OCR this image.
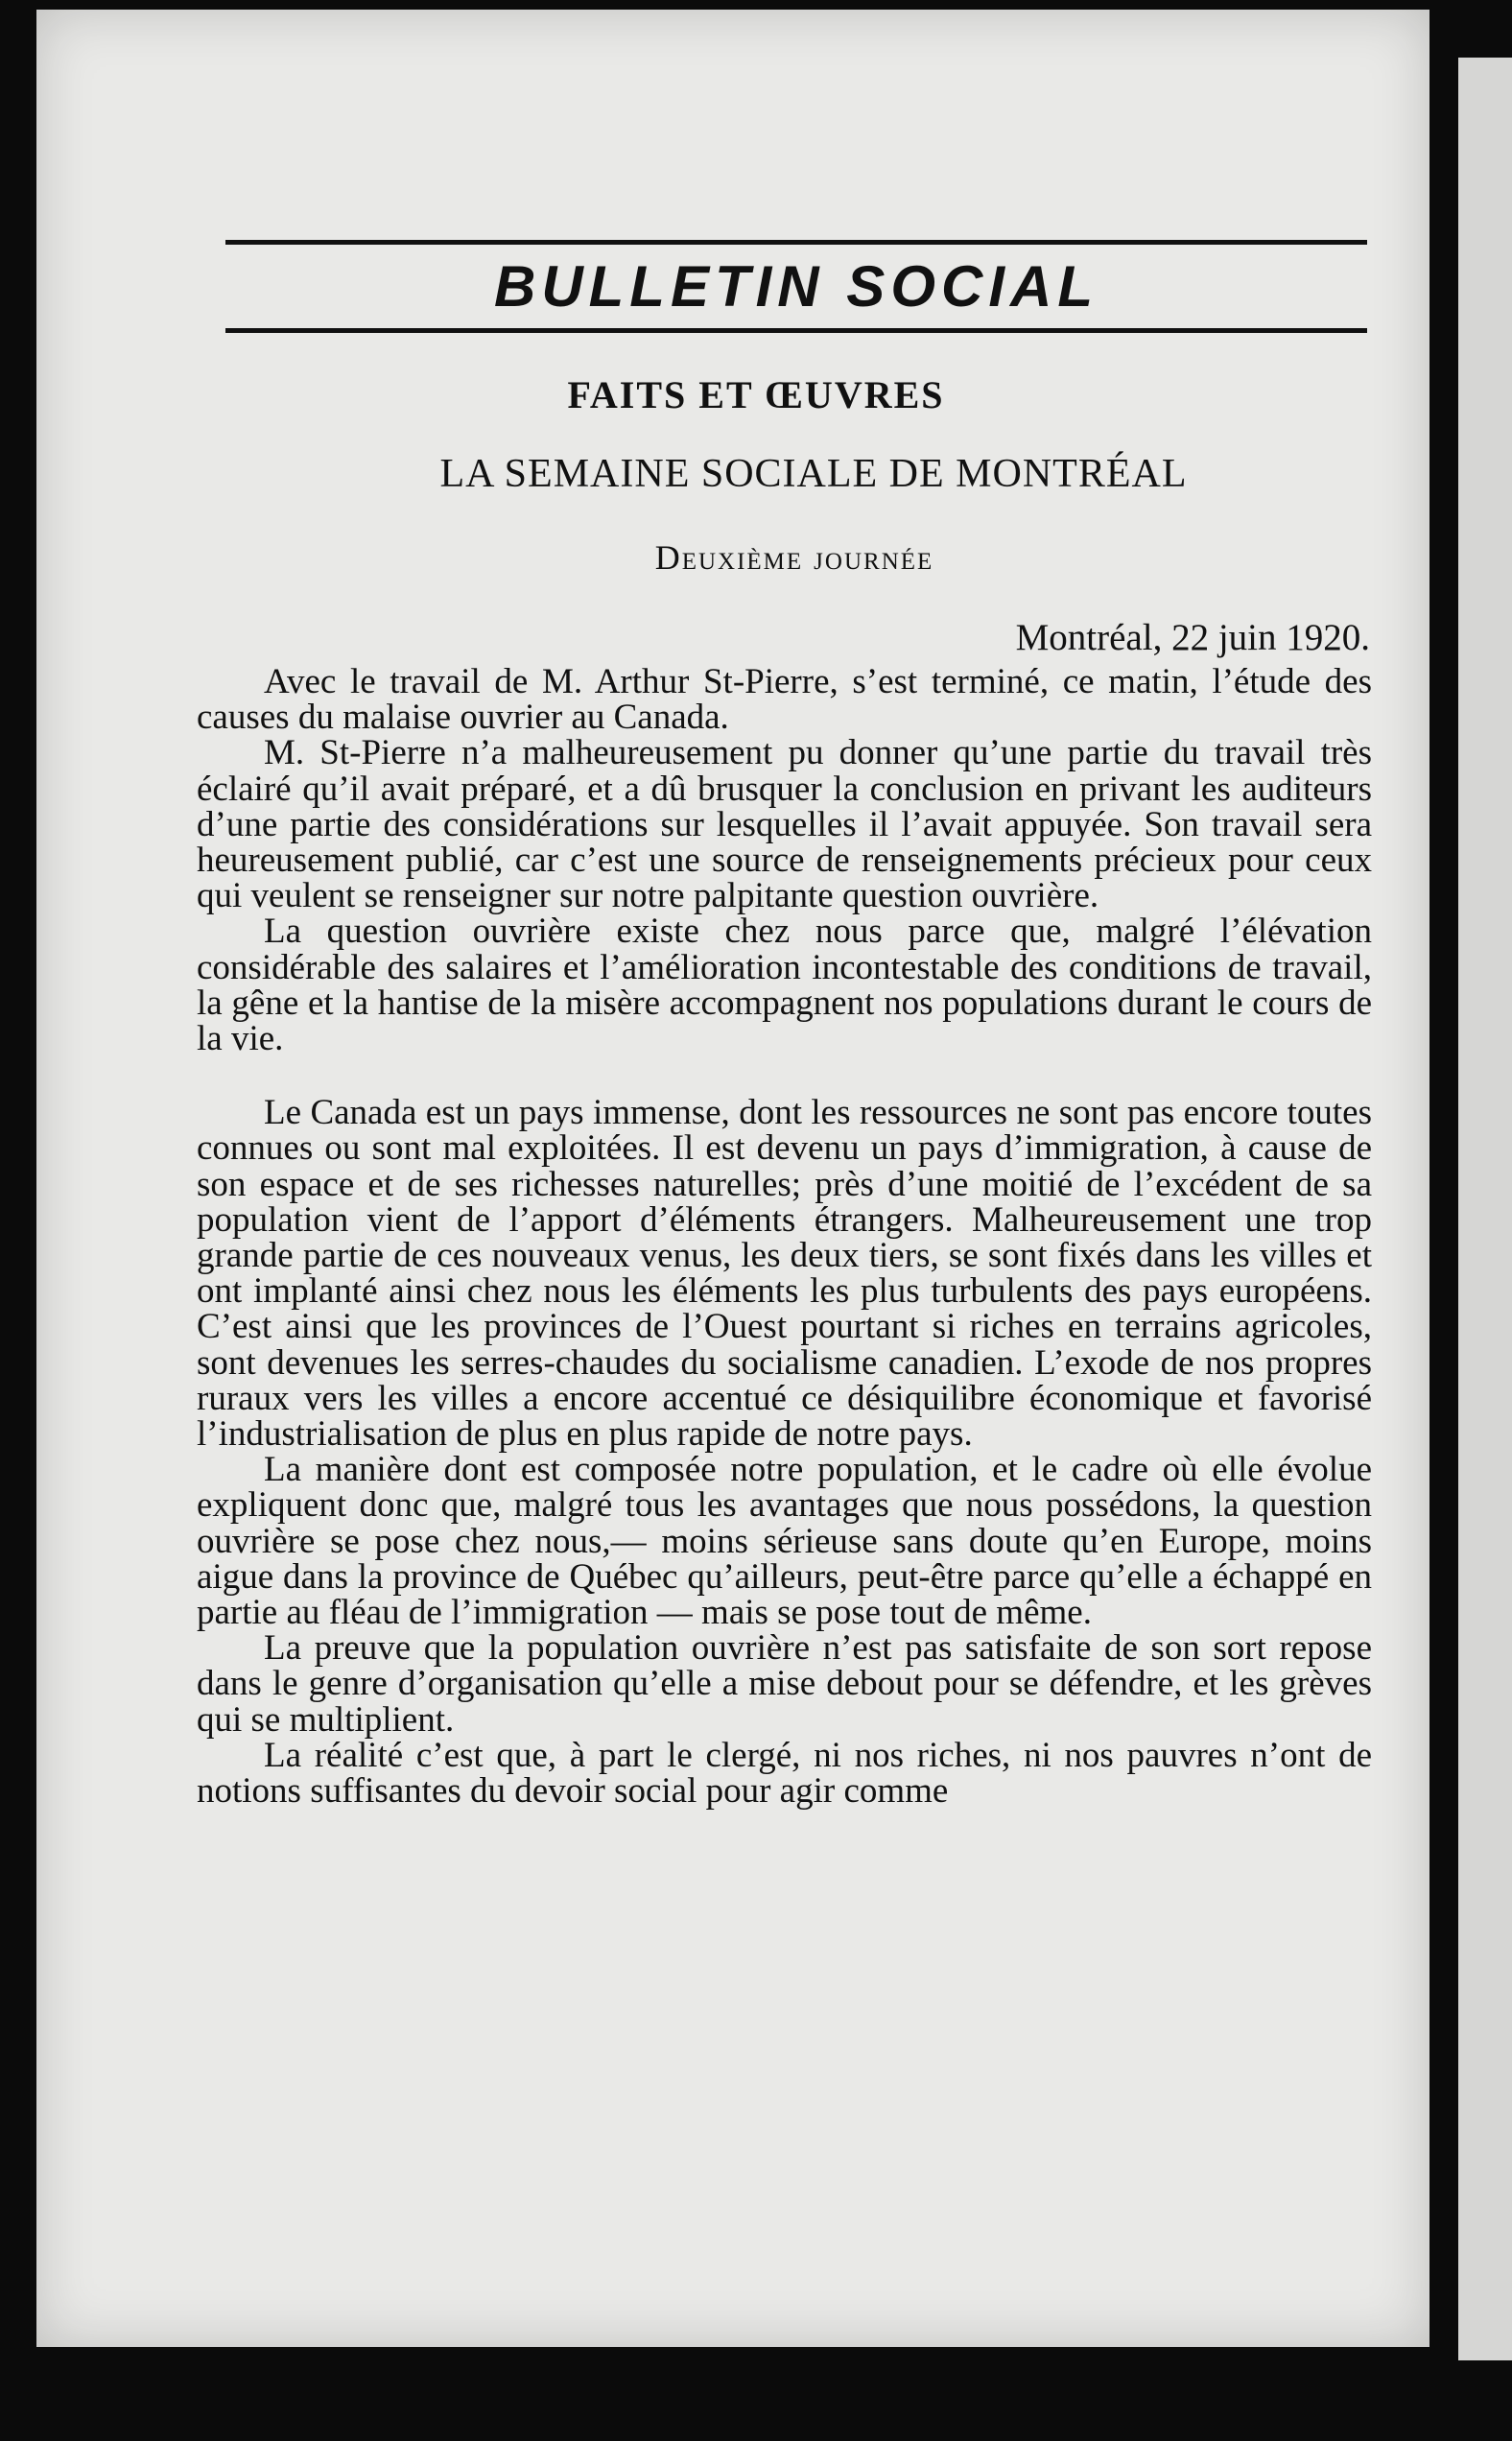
BULLETIN SOCIAL
FAITS ET ŒUVRES
LA SEMAINE SOCIALE DE MONTRÉAL
Deuxième journée
Montréal, 22 juin 1920.

Avec le travail de M. Arthur St-Pierre, s’est terminé, ce matin, l’étude des causes du malaise ouvrier au Canada.

M. St-Pierre n’a malheureusement pu donner qu’une partie du travail très éclairé qu’il avait préparé, et a dû brusquer la conclusion en privant les auditeurs d’une partie des considérations sur lesquelles il l’avait appuyée. Son travail sera heureusement publié, car c’est une source de renseignements précieux pour ceux qui veulent se renseigner sur notre palpitante question ouvrière.

La question ouvrière existe chez nous parce que, malgré l’élévation considérable des salaires et l’amélioration incontestable des conditions de travail, la gêne et la hantise de la misère accompagnent nos populations durant le cours de la vie.

Le Canada est un pays immense, dont les ressources ne sont pas encore toutes connues ou sont mal exploitées. Il est devenu un pays d’immigration, à cause de son espace et de ses richesses naturelles; près d’une moitié de l’excédent de sa population vient de l’apport d’éléments étrangers. Malheureusement une trop grande partie de ces nouveaux venus, les deux tiers, se sont fixés dans les villes et ont implanté ainsi chez nous les éléments les plus turbulents des pays européens. C’est ainsi que les provinces de l’Ouest pourtant si riches en terrains agricoles, sont devenues les serres-chaudes du socialisme canadien. L’exode de nos propres ruraux vers les villes a encore accentué ce désiquilibre économique et favorisé l’industrialisation de plus en plus rapide de notre pays.

La manière dont est composée notre population, et le cadre où elle évolue expliquent donc que, malgré tous les avantages que nous possédons, la question ouvrière se pose chez nous,— moins sérieuse sans doute qu’en Europe, moins aigue dans la province de Québec qu’ailleurs, peut-être parce qu’elle a échappé en partie au fléau de l’immigration — mais se pose tout de même.

La preuve que la population ouvrière n’est pas satisfaite de son sort repose dans le genre d’organisation qu’elle a mise debout pour se défendre, et les grèves qui se multiplient.

La réalité c’est que, à part le clergé, ni nos riches, ni nos pauvres n’ont de notions suffisantes du devoir social pour agir comme
